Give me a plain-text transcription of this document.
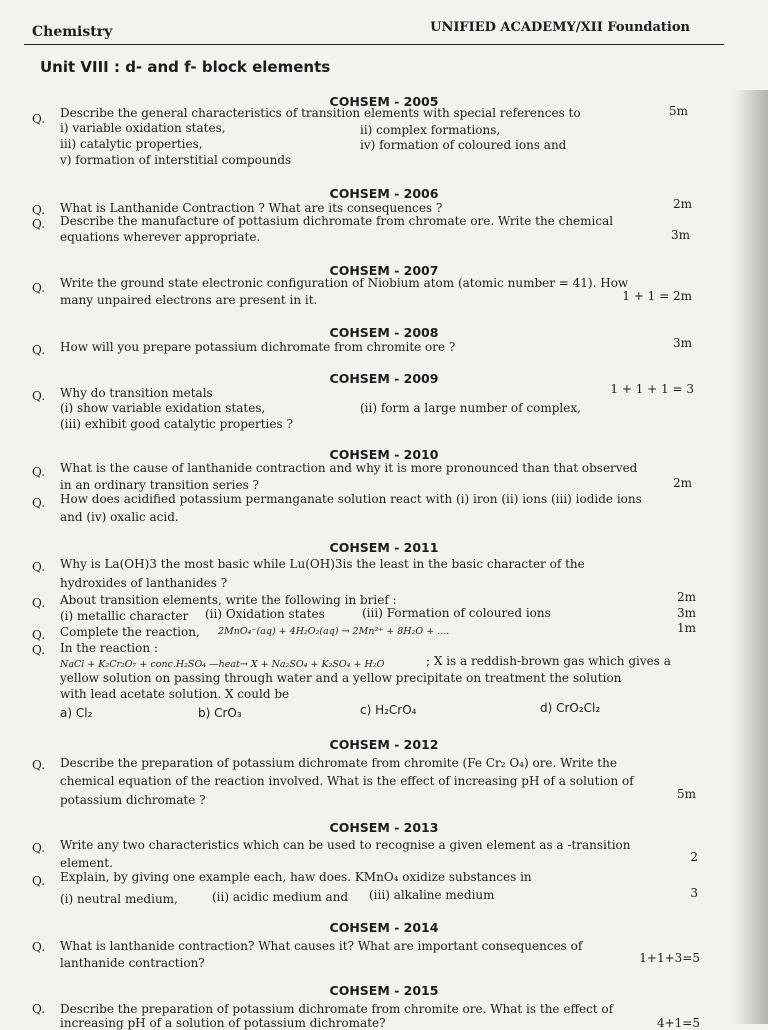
Chemistry	UNIFIED ACADEMY/XII Foundation
Unit VIII : d- and f- block elements
COHSEM - 2005
Q. Describe the general characteristics of transition elements with special references to	5m
i) variable oxidation states,	ii) complex formations,
iii) catalytic properties,	iv) formation of coloured ions and
v) formation of interstitial compounds
COHSEM - 2006
Q. What is Lanthanide Contraction ? What are its consequences ?	2m
Q. Describe the manufacture of pottasium dichromate from chromate ore. Write the chemical
equations wherever appropriate.	3m
COHSEM - 2007
Q. Write the ground state electronic configuration of Niobium atom (atomic number = 41). How
many unpaired electrons are present in it.	1 + 1 = 2m
COHSEM - 2008
Q. How will you prepare potassium dichromate from chromite ore ?	3m
COHSEM - 2009
Q. Why do transition metals	1 + 1 + 1 = 3
(i) show variable exidation states,	(ii) form a large number of complex,
(iii) exhibit good catalytic properties ?
COHSEM - 2010
Q. What is the cause of lanthanide contraction and why it is more pronounced than that observed
in an ordinary transition series ?	2m
Q. How does acidified potassium permanganate solution react with (i) iron (ii) ions (iii) iodide ions
and (iv) oxalic acid.
COHSEM - 2011
Q. Why is La(OH)3 the most basic while Lu(OH)3is the least in the basic character of the
hydroxides of lanthanides ?
Q. About transition elements, write the following in brief :	2m
(i) metallic character (ii) Oxidation states	(iii) Formation of coloured ions	3m
Q. Complete the reaction, 2MnO₄⁻(aq) + 4H₂O₂(aq) → 2Mn²⁺ + 8H₂O + ....	1m
Q. In the reaction :
NaCl + K₂Cr₂O₇ + conc.H₂SO₄ —heat→ X + Na₂SO₄ + K₂SO₄ + H₂O	; X is a reddish-brown gas which gives a
yellow solution on passing through water and a yellow precipitate on treatment the solution
with lead acetate solution. X could be
a) Cl₂	b) CrO₃	c) H₂CrO₄	d) CrO₂Cl₂
COHSEM - 2012
Q. Describe the preparation of potassium dichromate from chromite (Fe Cr₂ O₄) ore. Write the
chemical equation of the reaction involved. What is the effect of increasing pH of a solution of
potassium dichromate ?	5m
COHSEM - 2013
Q. Write any two characteristics which can be used to recognise a given element as a -transition
element.	2
Q. Explain, by giving one example each, haw does. KMnO₄ oxidize substances in
(i) neutral medium,	(ii) acidic medium and (iii) alkaline medium	3
COHSEM - 2014
Q. What is lanthanide contraction? What causes it? What are important consequences of
lanthanide contraction?	1+1+3=5
COHSEM - 2015
Q. Describe the preparation of potassium dichromate from chromite ore. What is the effect of
increasing pH of a solution of potassium dichromate?	4+1=5
